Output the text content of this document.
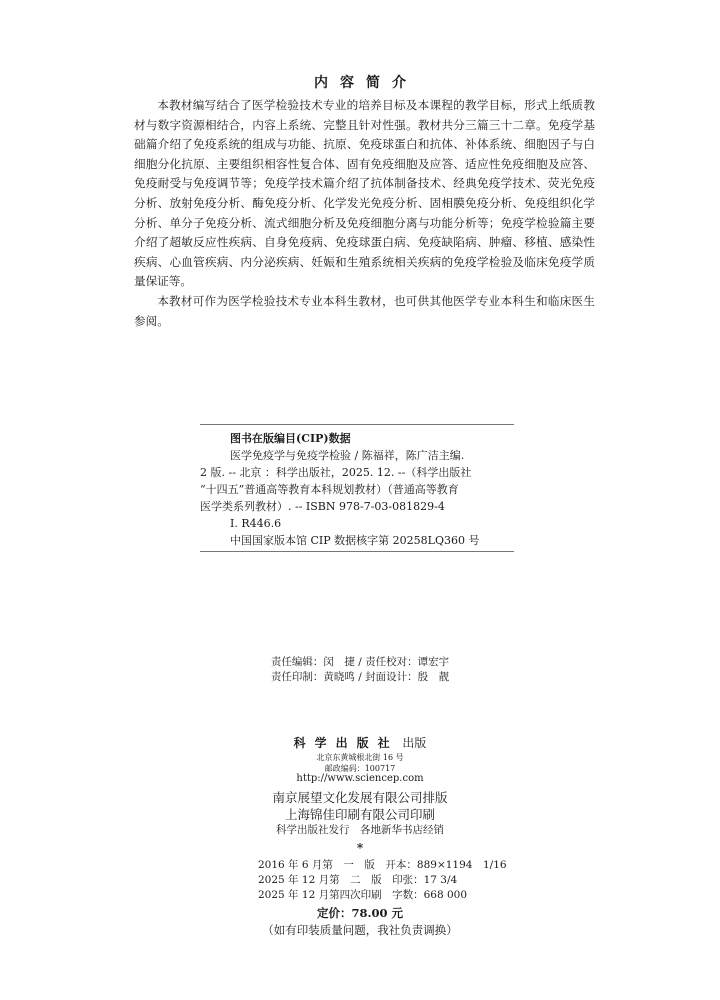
内容简介

本教材编写结合了医学检验技术专业的培养目标及本课程的教学目标，形式上纸质教材与数字资源相结合，内容上系统、完整且针对性强。教材共分三篇三十二章。免疫学基础篇介绍了免疫系统的组成与功能、抗原、免疫球蛋白和抗体、补体系统、细胞因子与白细胞分化抗原、主要组织相容性复合体、固有免疫细胞及应答、适应性免疫细胞及应答、免疫耐受与免疫调节等；免疫学技术篇介绍了抗体制备技术、经典免疫学技术、荧光免疫分析、放射免疫分析、酶免疫分析、化学发光免疫分析、固相膜免疫分析、免疫组织化学分析、单分子免疫分析、流式细胞分析及免疫细胞分离与功能分析等；免疫学检验篇主要介绍了超敏反应性疾病、自身免疫病、免疫球蛋白病、免疫缺陷病、肿瘤、移植、感染性疾病、心血管疾病、内分泌疾病、妊娠和生殖系统相关疾病的免疫学检验及临床免疫学质量保证等。

本教材可作为医学检验技术专业本科生教材，也可供其他医学专业本科生和临床医生参阅。

图书在版编目(CIP)数据
医学免疫学与免疫学检验 / 陈福祥，陈广洁主编.
2 版. -- 北京 ：科学出版社，2025. 12. --（科学出版社
“十四五”普通高等教育本科规划教材）（普通高等教育
医学类系列教材）. -- ISBN 978-7-03-081829-4
Ⅰ. R446.6
中国国家版本馆 CIP 数据核字第 20258LQ360 号
责任编辑：闵　捷 / 责任校对：谭宏宇
责任印制：黄晓鸣 / 封面设计：殷　靓
科学出版社 出版
北京东黄城根北街 16 号
邮政编码：100717
http://www.sciencep.com
南京展望文化发展有限公司排版
上海锦佳印刷有限公司印刷
科学出版社发行　各地新华书店经销
*
2016 年 6 月第　一　版　开本：889×1194　1/16
2025 年 12 月第　二　版　印张：17 3/4
2025 年 12 月第四次印刷　字数：668 000
定价：78.00 元
（如有印装质量问题，我社负责调换）
